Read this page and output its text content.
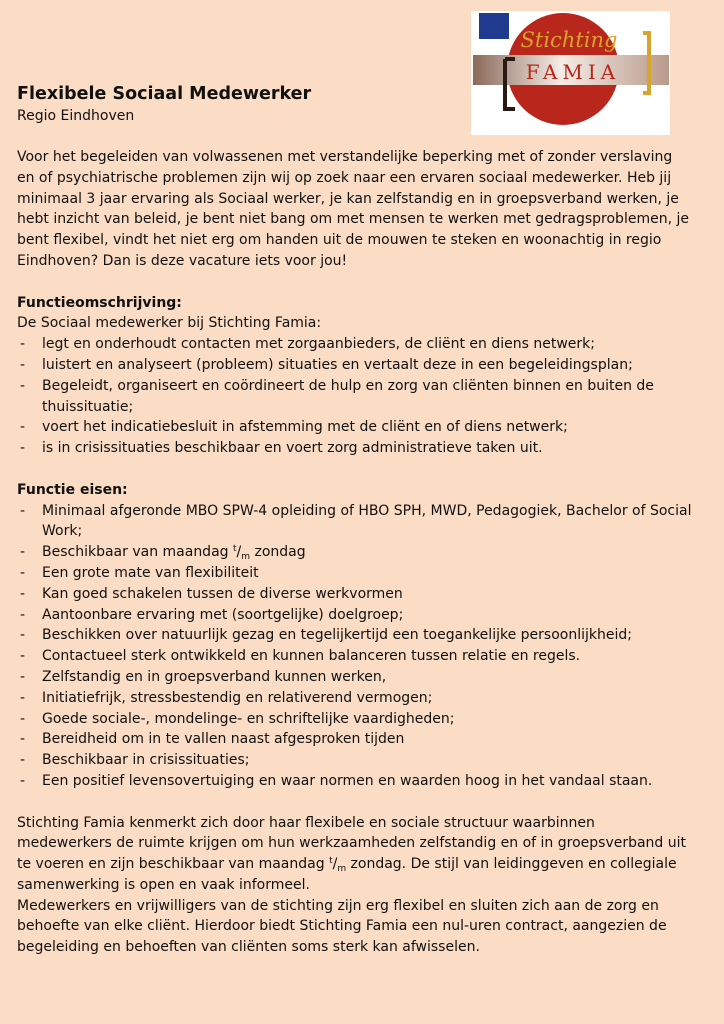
Stichting
FAMIA

Flexibele Sociaal Medewerker

Regio Eindhoven

Voor het begeleiden van volwassenen met verstandelijke beperking met of zonder verslaving en of psychiatrische problemen zijn wij op zoek naar een ervaren sociaal medewerker. Heb jij minimaal 3 jaar ervaring als Sociaal werker, je kan zelfstandig en in groepsverband werken, je hebt inzicht van beleid, je bent niet bang om met mensen te werken met gedragsproblemen, je bent flexibel, vindt het niet erg om handen uit de mouwen te steken en woonachtig in regio Eindhoven? Dan is deze vacature iets voor jou!

Functieomschrijving:

De Sociaal medewerker bij Stichting Famia:

- legt en onderhoudt contacten met zorgaanbieders, de cliënt en diens netwerk;
- luistert en analyseert (probleem) situaties en vertaalt deze in een begeleidingsplan;
- Begeleidt, organiseert en coördineert de hulp en zorg van cliënten binnen en buiten de thuissituatie;
- voert het indicatiebesluit in afstemming met de cliënt en of diens netwerk;
- is in crisissituaties beschikbaar en voert zorg administratieve taken uit.

Functie eisen:

- Minimaal afgeronde MBO SPW-4 opleiding of HBO SPH, MWD, Pedagogiek, Bachelor of Social Work;
- Beschikbaar van maandag $^t/_m$ zondag
- Een grote mate van flexibiliteit
- Kan goed schakelen tussen de diverse werkvormen
- Aantoonbare ervaring met (soortgelijke) doelgroep;
- Beschikken over natuurlijk gezag en tegelijkertijd een toegankelijke persoonlijkheid;
- Contactueel sterk ontwikkeld en kunnen balanceren tussen relatie en regels.
- Zelfstandig en in groepsverband kunnen werken,
- Initiatiefrijk, stressbestendig en relativerend vermogen;
- Goede sociale-, mondelinge- en schriftelijke vaardigheden;
- Bereidheid om in te vallen naast afgesproken tijden
- Beschikbaar in crisissituaties;
- Een positief levensovertuiging en waar normen en waarden hoog in het vandaal staan.

Stichting Famia kenmerkt zich door haar flexibele en sociale structuur waarbinnen medewerkers de ruimte krijgen om hun werkzaamheden zelfstandig en of in groepsverband uit te voeren en zijn beschikbaar van maandag $^t/_m$ zondag. De stijl van leidinggeven en collegiale samenwerking is open en vaak informeel.

Medewerkers en vrijwilligers van de stichting zijn erg flexibel en sluiten zich aan de zorg en behoefte van elke cliënt. Hierdoor biedt Stichting Famia een nul-uren contract, aangezien de begeleiding en behoeften van cliënten soms sterk kan afwisselen.
